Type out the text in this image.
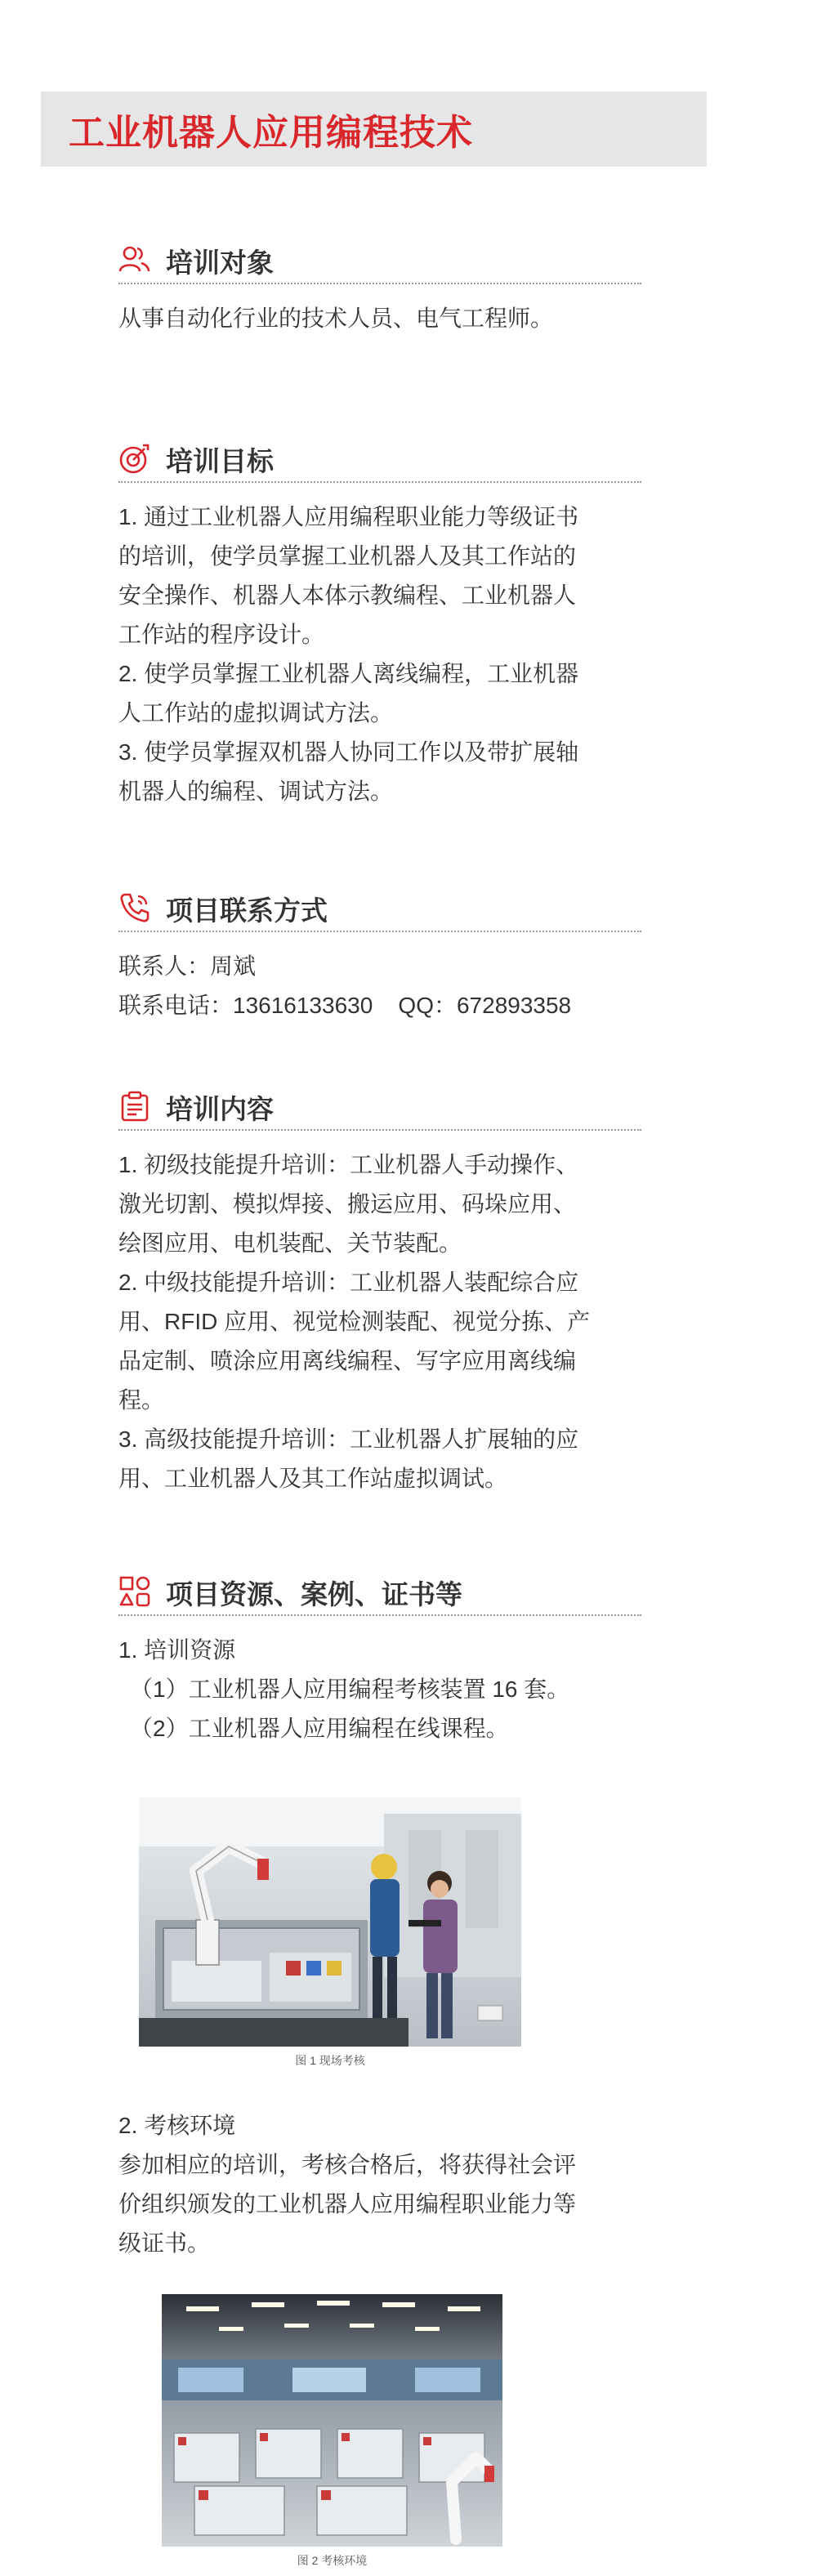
工业机器人应用编程技术
培训对象

从事自动化行业的技术人员、电气工程师。

培训目标

1. 通过工业机器人应用编程职业能力等级证书

的培训，使学员掌握工业机器人及其工作站的

安全操作、机器人本体示教编程、工业机器人

工作站的程序设计。

2. 使学员掌握工业机器人离线编程，工业机器

人工作站的虚拟调试方法。

3. 使学员掌握双机器人协同工作以及带扩展轴

机器人的编程、调试方法。

项目联系方式

联系人：周斌

联系电话：13616133630    QQ：672893358

培训内容

1. 初级技能提升培训：工业机器人手动操作、

激光切割、模拟焊接、搬运应用、码垛应用、

绘图应用、电机装配、关节装配。

2. 中级技能提升培训：工业机器人装配综合应

用、RFID 应用、视觉检测装配、视觉分拣、产

品定制、喷涂应用离线编程、写字应用离线编

程。

3. 高级技能提升培训：工业机器人扩展轴的应

用、工业机器人及其工作站虚拟调试。

项目资源、案例、证书等

1. 培训资源

（1）工业机器人应用编程考核装置 16 套。

（2）工业机器人应用编程在线课程。

图 1 现场考核

2. 考核环境

参加相应的培训，考核合格后，将获得社会评

价组织颁发的工业机器人应用编程职业能力等

级证书。

图 2 考核环境
